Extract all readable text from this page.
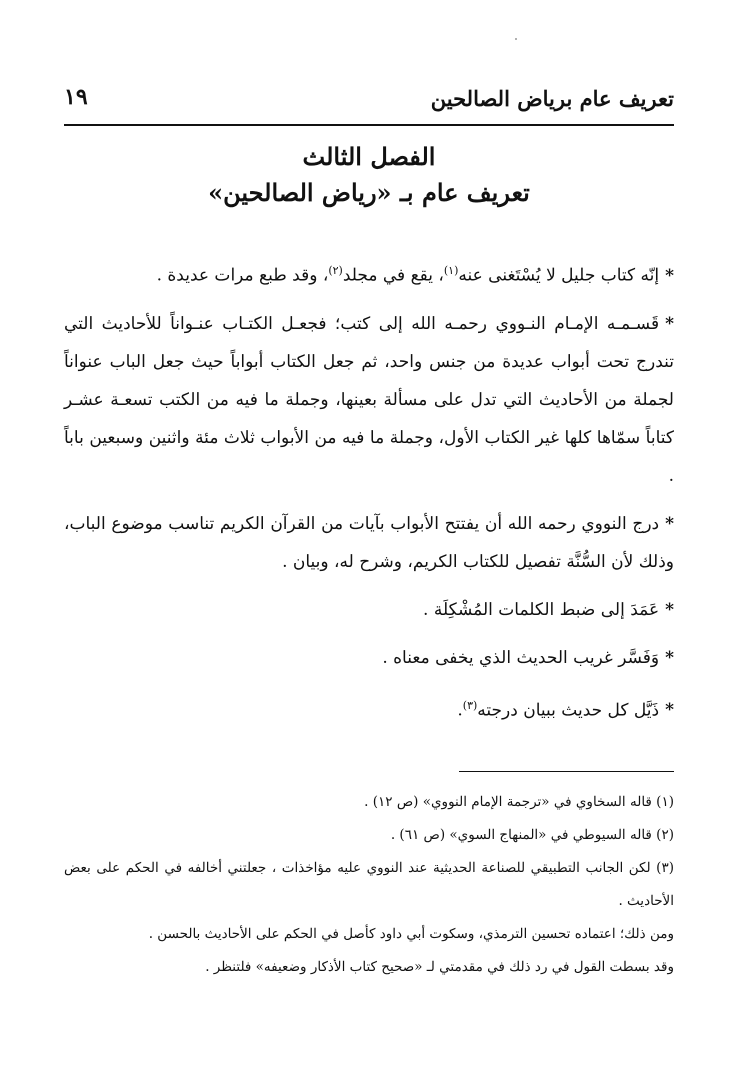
تعريف عام برياض الصالحين
١٩
الفصل الثالث
تعريف عام بـ «رياض الصالحين»

*إنّه كتاب جليل لا يُسْتَغنى عنه$^{(١)}$، يقع في مجلد$^{(٢)}$، وقد طبع مرات عديدة .

*قَسـمـه الإمـام النـووي رحمـه الله إلى كتب؛ فجعـل الكتـاب عنـواناً للأحاديث التي تندرج تحت أبواب عديدة من جنس واحد، ثم جعل الكتاب أبواباً حيث جعل الباب عنواناً لجملة من الأحاديث التي تدل على مسألة بعينها، وجملة ما فيه من الكتب تسعـة عشـر كتاباً سمّاها كلها غير الكتاب الأول، وجملة ما فيه من الأبواب ثلاث مئة واثنين وسبعين باباً .

*درج النووي رحمه الله أن يفتتح الأبواب بآيات من القرآن الكريم تناسب موضوع الباب، وذلك لأن السُّنَّة تفصيل للكتاب الكريم، وشرح له، وبيان .

*عَمَدَ إلى ضبط الكلمات المُشْكِلَة .

*وَفَسَّر غريب الحديث الذي يخفى معناه .

*ذَيَّل كل حديث ببيان درجته$^{(٣)}$.

(١) قاله السخاوي في «ترجمة الإمام النووي» (ص ١٢) .

(٢) قاله السيوطي في «المنهاج السوي» (ص ٦١) .

(٣) لكن الجانب التطبيقي للصناعة الحديثية عند النووي عليه مؤاخذات ، جعلتني أخالفه في الحكم على بعض الأحاديث .

ومن ذلك؛ اعتماده تحسين الترمذي، وسكوت أبي داود كأصل في الحكم على الأحاديث بالحسن .

وقد بسطت القول في رد ذلك في مقدمتي لـ «صحيح كتاب الأذكار وضعيفه» فلتنظر .
